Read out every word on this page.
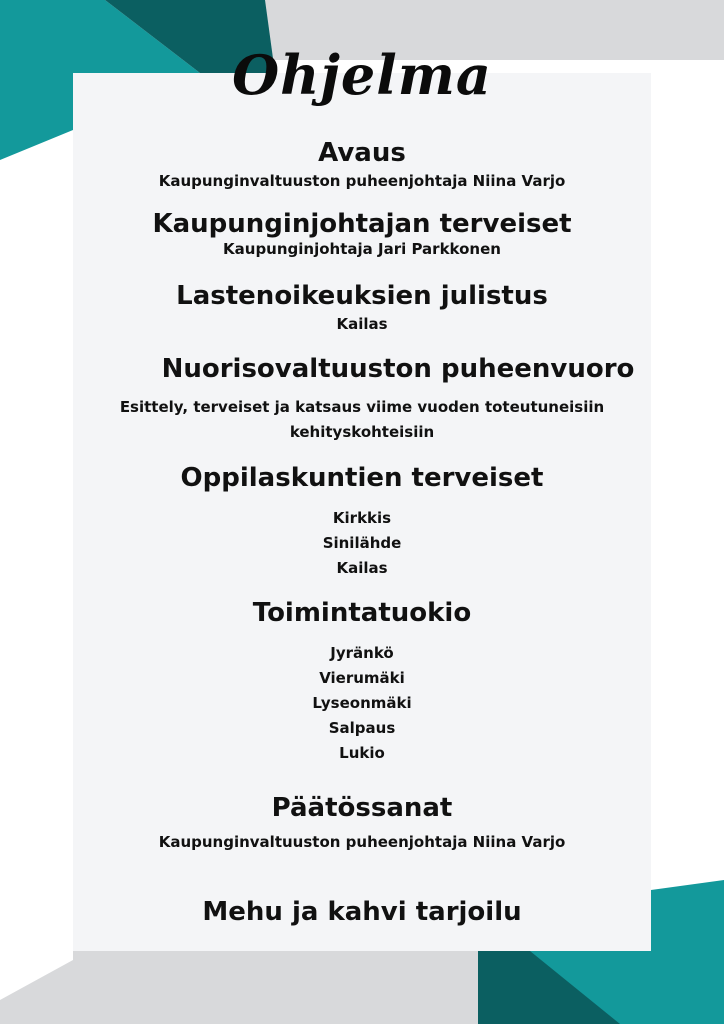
Ohjelma
Avaus
Kaupunginvaltuuston puheenjohtaja Niina Varjo
Kaupunginjohtajan terveiset
Kaupunginjohtaja Jari Parkkonen
Lastenoikeuksien julistus
Kailas
Nuorisovaltuuston puheenvuoro
Esittely, terveiset ja katsaus viime vuoden toteutuneisiin kehityskohteisiin
Oppilaskuntien terveiset
Kirkkis
Sinilähde
Kailas
Toimintatuokio
Jyränkö
Vierumäki
Lyseonmäki
Salpaus
Lukio
Päätössanat
Kaupunginvaltuuston puheenjohtaja Niina Varjo
Mehu ja kahvi tarjoilu
